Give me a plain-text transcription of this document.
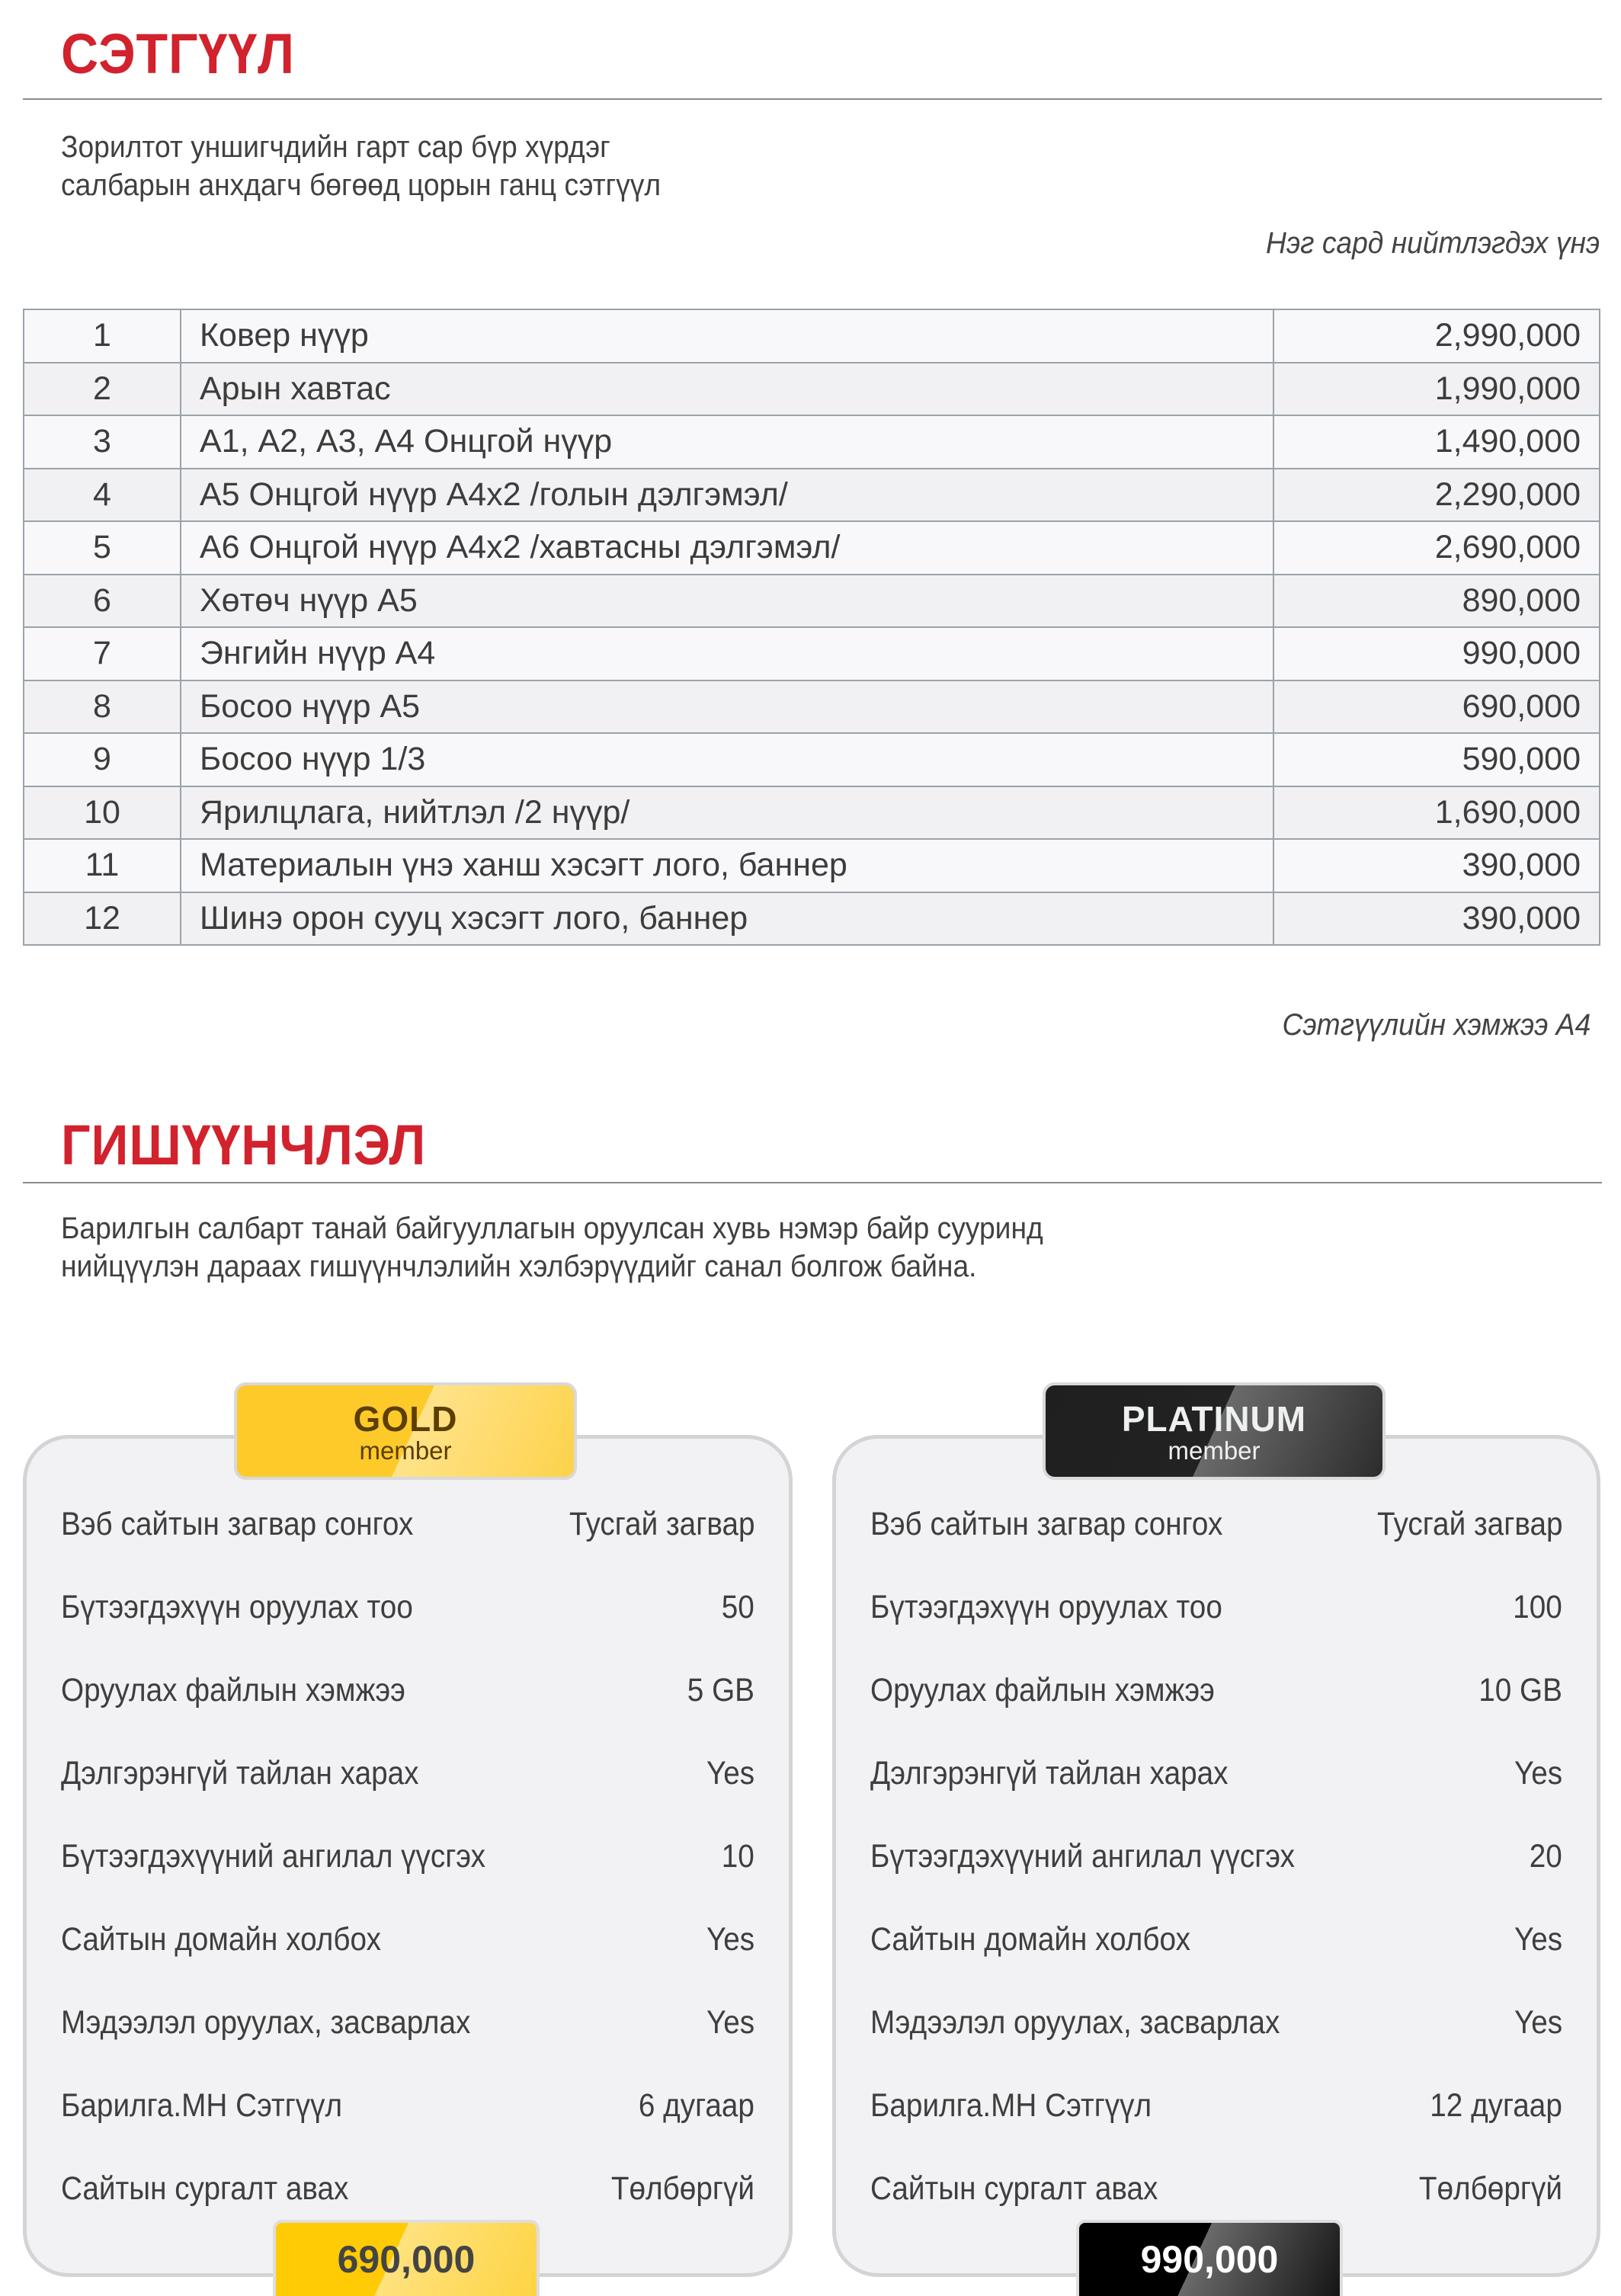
СЭТГҮҮЛ
Зорилтот уншигчдийн гарт сар бүр хүрдэг
салбарын анхдагч бөгөөд цорын ганц сэтгүүл
Нэг сард нийтлэгдэх үнэ
1	Ковер нүүр	2,990,000
2	Арын хавтас	1,990,000
3	А1, А2, А3, А4 Онцгой нүүр	1,490,000
4	А5 Онцгой нүүр А4х2 /голын дэлгэмэл/	2,290,000
5	А6 Онцгой нүүр А4х2 /хавтасны дэлгэмэл/	2,690,000
6	Хөтөч нүүр А5	890,000
7	Энгийн нүүр А4	990,000
8	Босоо нүүр А5	690,000
9	Босоо нүүр 1/3	590,000
10	Ярилцлага, нийтлэл /2 нүүр/	1,690,000
11	Материалын үнэ ханш хэсэгт лого, баннер	390,000
12	Шинэ орон сууц хэсэгт лого, баннер	390,000
Сэтгүүлийн хэмжээ А4
ГИШҮҮНЧЛЭЛ
Барилгын салбарт танай байгууллагын оруулсан хувь нэмэр байр сууринд
нийцүүлэн дараах гишүүнчлэлийн хэлбэрүүдийг санал болгож байна.
Вэб сайтын загвар сонгох	Тусгай загвар
Бүтээгдэхүүн оруулах тоо	50
Оруулах файлын хэмжээ	5 GB
Дэлгэрэнгүй тайлан харах	Yes
Бүтээгдэхүүний ангилал үүсгэх	10
Сайтын домайн холбох	Yes
Мэдээлэл оруулах, засварлах	Yes
Барилга.МН Сэтгүүл	6 дугаар
Сайтын сургалт авах	Төлбөргүй
GOLD
member
690,000
Вэб сайтын загвар сонгох	Тусгай загвар
Бүтээгдэхүүн оруулах тоо	100
Оруулах файлын хэмжээ	10 GB
Дэлгэрэнгүй тайлан харах	Yes
Бүтээгдэхүүний ангилал үүсгэх	20
Сайтын домайн холбох	Yes
Мэдээлэл оруулах, засварлах	Yes
Барилга.МН Сэтгүүл	12 дугаар
Сайтын сургалт авах	Төлбөргүй
PLATINUM
member
990,000
